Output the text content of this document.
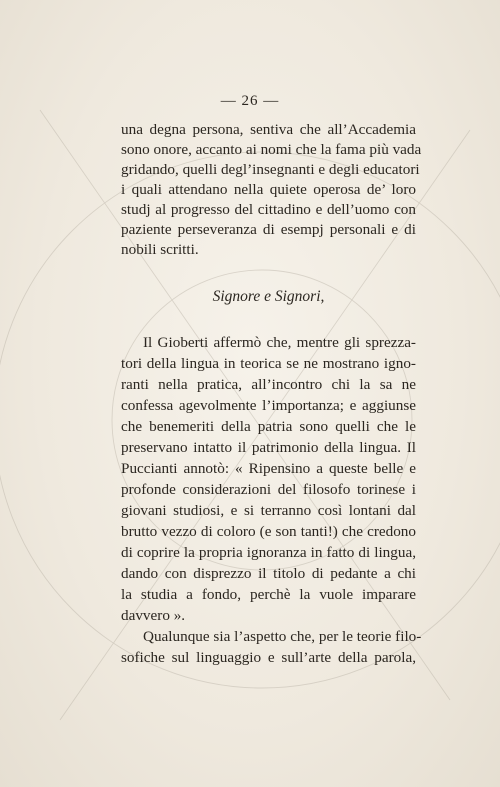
— 26 —
una degna persona, sentiva che all’Accademia
sono onore, accanto ai nomi che la fama più vada
gridando, quelli degl’insegnanti e degli educatori
i quali attendano nella quiete operosa de’ loro
studj al progresso del cittadino e dell’uomo con
paziente perseveranza di esempj personali e di
nobili scritti.
Signore e Signori,
Il Gioberti affermò che, mentre gli sprezza-
tori della lingua in teorica se ne mostrano igno-
ranti nella pratica, all’incontro chi la sa ne
confessa agevolmente l’importanza; e aggiunse
che benemeriti della patria sono quelli che le
preservano intatto il patrimonio della lingua. Il
Puccianti annotò: « Ripensino a queste belle e
profonde considerazioni del filosofo torinese i
giovani studiosi, e si terranno così lontani dal
brutto vezzo di coloro (e son tanti!) che credono
di coprire la propria ignoranza in fatto di lingua,
dando con disprezzo il titolo di pedante a chi
la studia a fondo, perchè la vuole imparare
davvero ».
Qualunque sia l’aspetto che, per le teorie filo-
sofiche sul linguaggio e sull’arte della parola,
